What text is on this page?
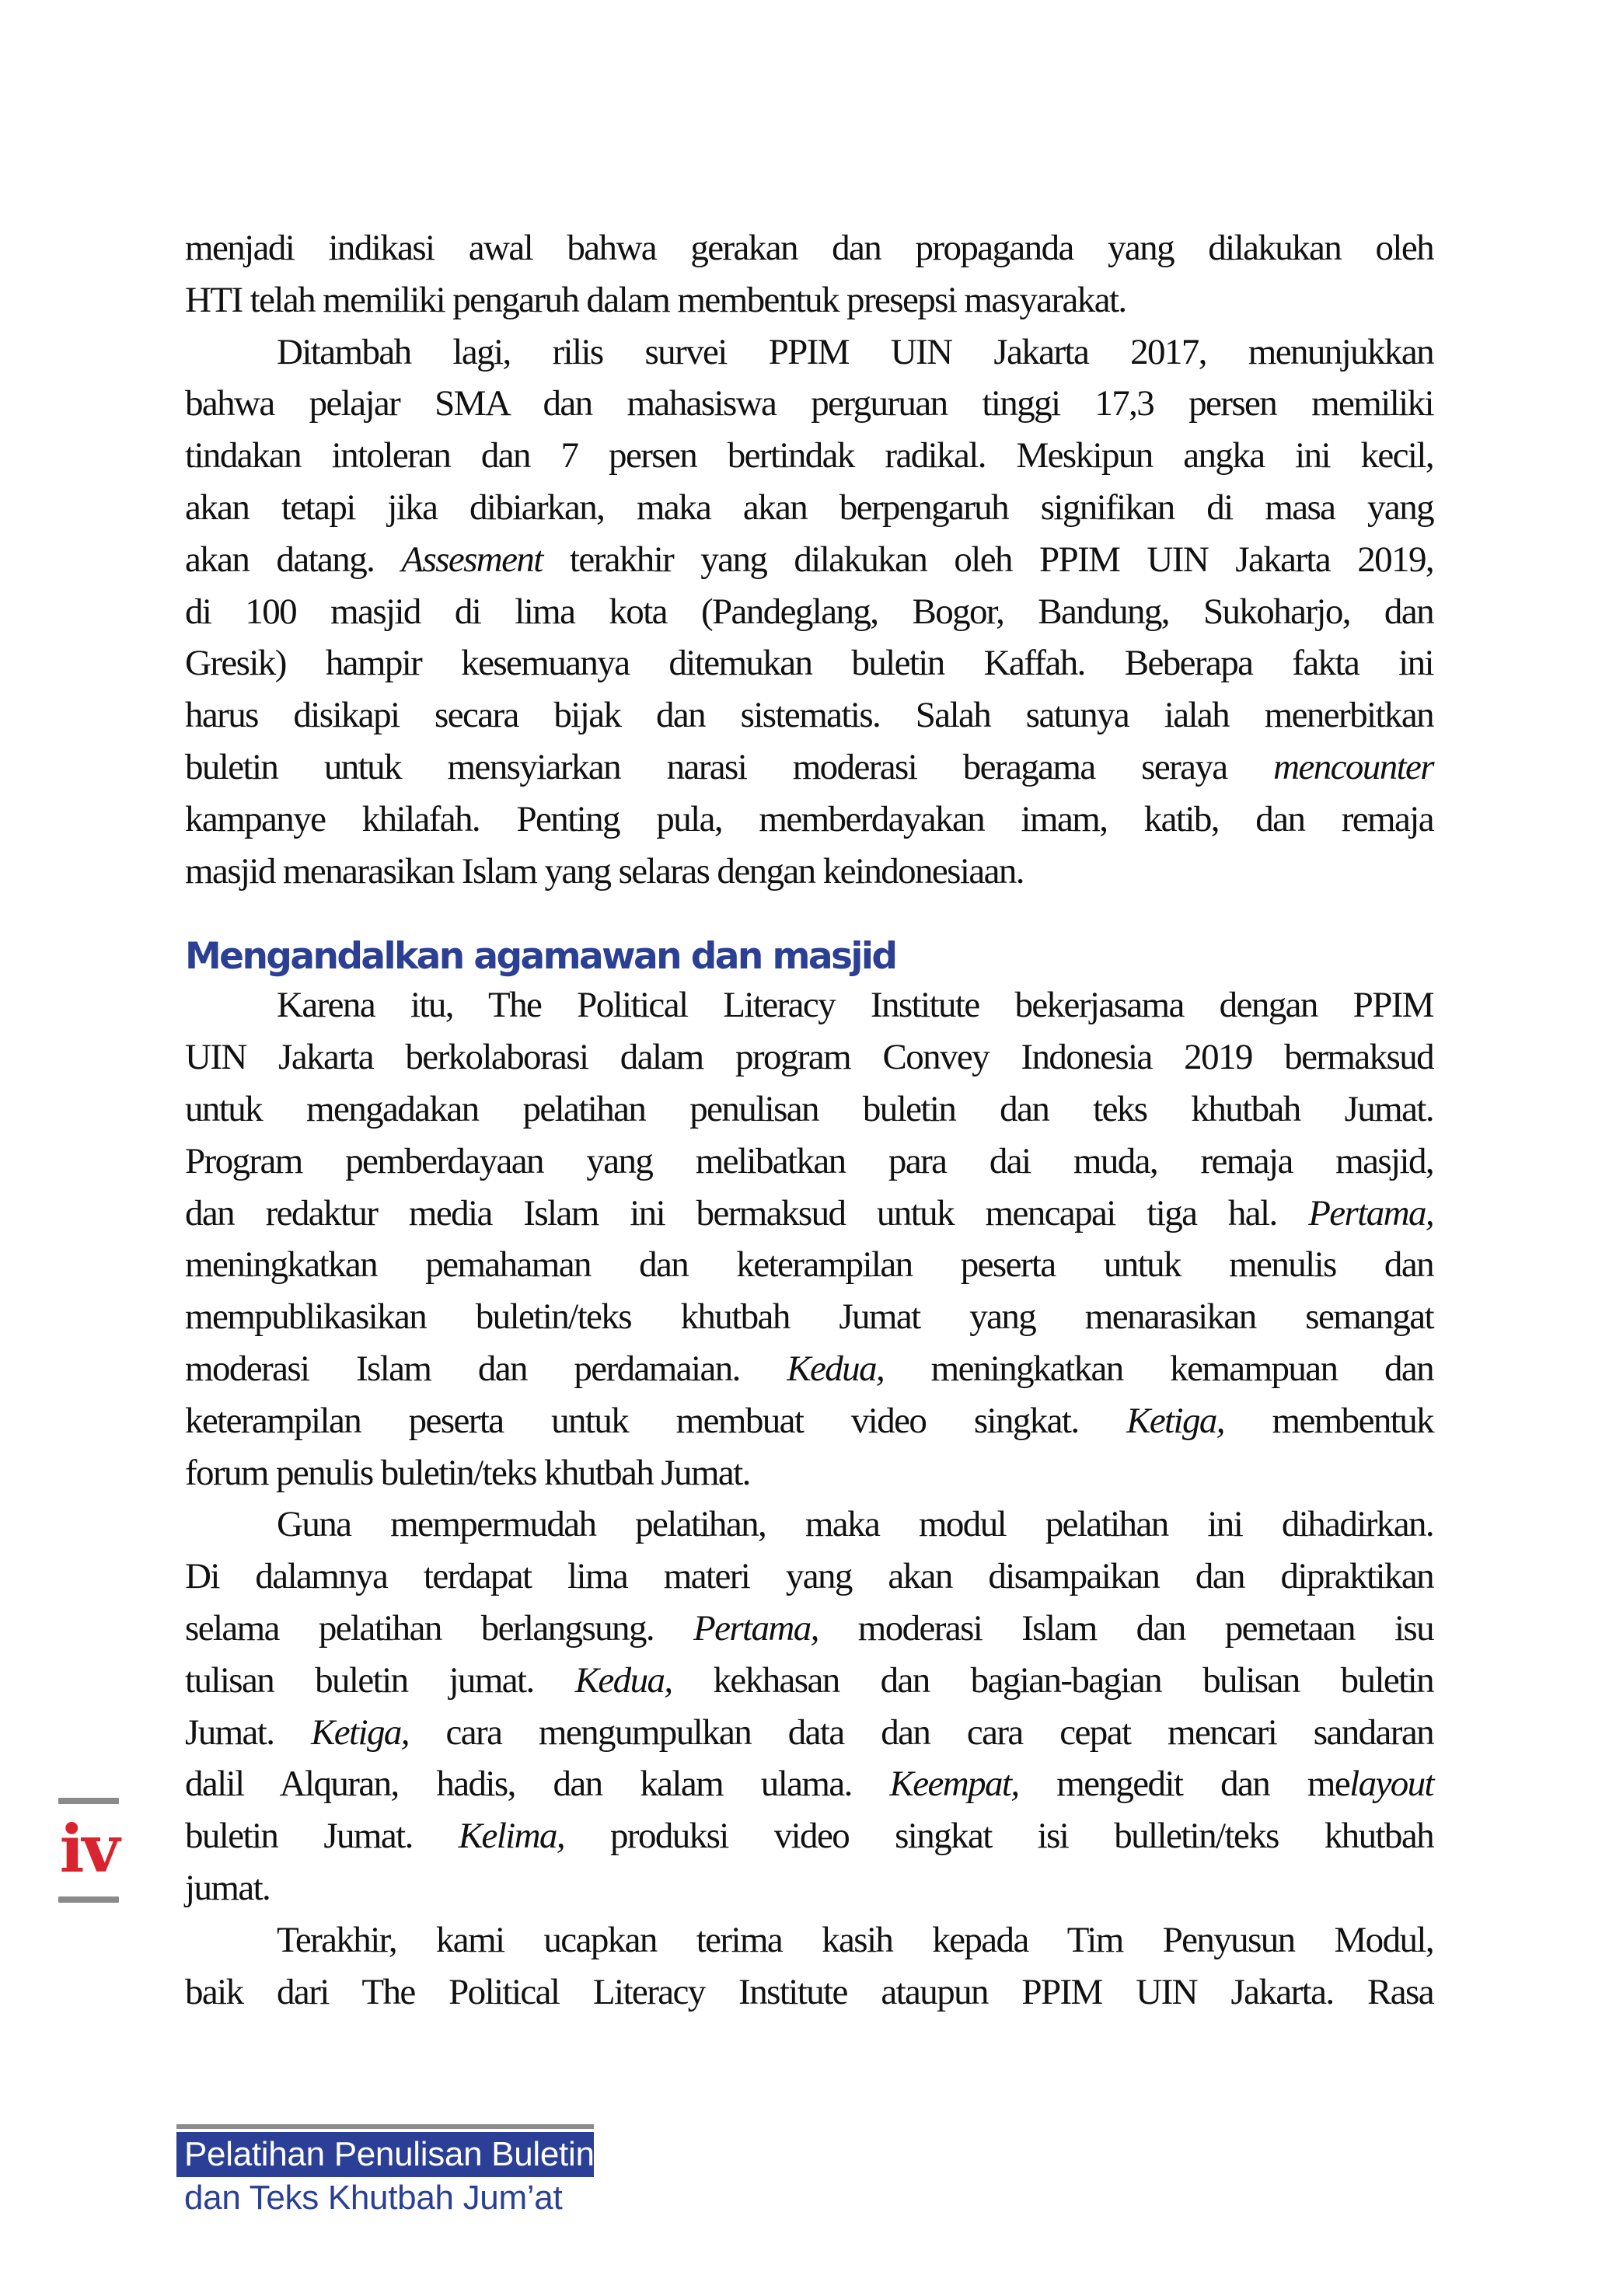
menjadi indikasi awal bahwa gerakan dan propaganda yang dilakukan oleh
HTI telah memiliki pengaruh dalam membentuk presepsi masyarakat.
Ditambah lagi, rilis survei PPIM UIN Jakarta 2017, menunjukkan
bahwa pelajar SMA dan mahasiswa perguruan tinggi 17,3 persen memiliki
tindakan intoleran dan 7 persen bertindak radikal. Meskipun angka ini kecil,
akan tetapi jika dibiarkan, maka akan berpengaruh signifikan di masa yang
akan datang. Assesment terakhir yang dilakukan oleh PPIM UIN Jakarta 2019,
di 100 masjid di lima kota (Pandeglang, Bogor, Bandung, Sukoharjo, dan
Gresik) hampir kesemuanya ditemukan buletin Kaffah. Beberapa fakta ini
harus disikapi secara bijak dan sistematis. Salah satunya ialah menerbitkan
buletin untuk mensyiarkan narasi moderasi beragama seraya mencounter
kampanye khilafah. Penting pula, memberdayakan imam, katib, dan remaja
masjid menarasikan Islam yang selaras dengan keindonesiaan.
Mengandalkan agamawan dan masjid
Karena itu, The Political Literacy Institute bekerjasama dengan PPIM
UIN Jakarta berkolaborasi dalam program Convey Indonesia 2019 bermaksud
untuk mengadakan pelatihan penulisan buletin dan teks khutbah Jumat.
Program pemberdayaan yang melibatkan para dai muda, remaja masjid,
dan redaktur media Islam ini bermaksud untuk mencapai tiga hal. Pertama,
meningkatkan pemahaman dan keterampilan peserta untuk menulis dan
mempublikasikan buletin/teks khutbah Jumat yang menarasikan semangat
moderasi Islam dan perdamaian. Kedua, meningkatkan kemampuan dan
keterampilan peserta untuk membuat video singkat. Ketiga, membentuk
forum penulis buletin/teks khutbah Jumat.
Guna mempermudah pelatihan, maka modul pelatihan ini dihadirkan.
Di dalamnya terdapat lima materi yang akan disampaikan dan dipraktikan
selama pelatihan berlangsung. Pertama, moderasi Islam dan pemetaan isu
tulisan buletin jumat. Kedua, kekhasan dan bagian-bagian bulisan buletin
Jumat. Ketiga, cara mengumpulkan data dan cara cepat mencari sandaran
dalil Alquran, hadis, dan kalam ulama. Keempat, mengedit dan melayout
buletin Jumat. Kelima, produksi video singkat isi bulletin/teks khutbah
jumat.
Terakhir, kami ucapkan terima kasih kepada Tim Penyusun Modul,
baik dari The Political Literacy Institute ataupun PPIM UIN Jakarta. Rasa
iv
Pelatihan Penulisan Buletin
dan Teks Khutbah Jum’at
